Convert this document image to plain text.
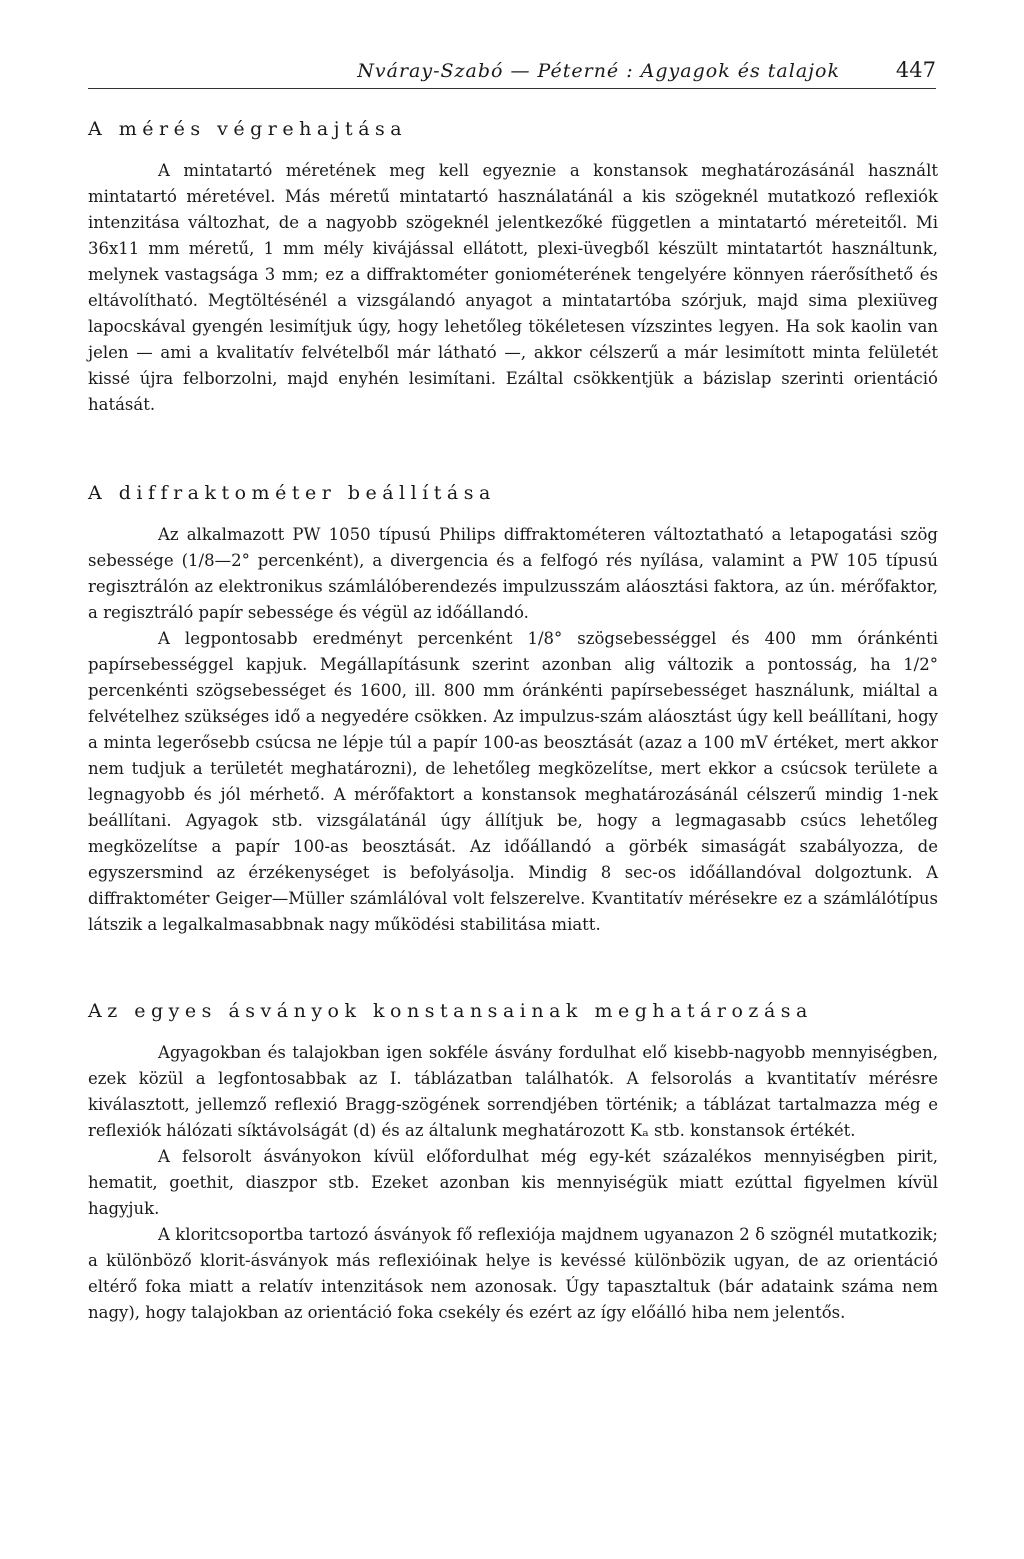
Nváray-Szabó — Péterné : Agyagok és talajok	447
A mérés végrehajtása

A mintatartó méretének meg kell egyeznie a konstansok meghatározásánál használt mintatartó méretével. Más méretű mintatartó használatánál a kis szögeknél mutatkozó reflexiók intenzitása változhat, de a nagyobb szögeknél jelentkezőké független a mintatartó méreteitől. Mi 36x11 mm méretű, 1 mm mély kivájással ellátott, plexi-üvegből készült mintatartót használtunk, melynek vastagsága 3 mm; ez a diffraktométer goniométerének tengelyére könnyen ráerősíthető és eltávolítható. Megtöltésénél a vizsgálandó anyagot a mintatartóba szórjuk, majd sima plexiüveg lapocskával gyengén lesimítjuk úgy, hogy lehetőleg tökéletesen vízszintes legyen. Ha sok kaolin van jelen — ami a kvalitatív felvételből már látható —, akkor célszerű a már lesimított minta felületét kissé újra felborzolni, majd enyhén lesimítani. Ezáltal csökkentjük a bázislap szerinti orientáció hatását.

A diffraktométer beállítása

Az alkalmazott PW 1050 típusú Philips diffraktométeren változtatható a letapogatási szög sebessége (1/8—2° percenként), a divergencia és a felfogó rés nyílása, valamint a PW 105 típusú regisztrálón az elektronikus számlálóberendezés impulzusszám aláosztási faktora, az ún. mérőfaktor, a regisztráló papír sebessége és végül az időállandó.

A legpontosabb eredményt percenként 1/8° szögsebességgel és 400 mm óránkénti papírsebességgel kapjuk. Megállapításunk szerint azonban alig változik a pontosság, ha 1/2° percenkénti szögsebességet és 1600, ill. 800 mm óránkénti papírsebességet használunk, miáltal a felvételhez szükséges idő a negyedére csökken. Az impulzus-szám aláosztást úgy kell beállítani, hogy a minta legerősebb csúcsa ne lépje túl a papír 100-as beosztását (azaz a 100 mV értéket, mert akkor nem tudjuk a területét meghatározni), de lehetőleg megközelítse, mert ekkor a csúcsok területe a legnagyobb és jól mérhető. A mérőfaktort a konstansok meghatározásánál célszerű mindig 1-nek beállítani. Agyagok stb. vizsgálatánál úgy állítjuk be, hogy a legmagasabb csúcs lehetőleg megközelítse a papír 100-as beosztását. Az időállandó a görbék simaságát szabályozza, de egyszersmind az érzékenységet is befolyásolja. Mindig 8 sec-os időállandóval dolgoztunk. A diffraktométer Geiger—Müller számlálóval volt felszerelve. Kvantitatív mérésekre ez a számlálótípus látszik a legalkalmasabbnak nagy működési stabilitása miatt.

Az egyes ásványok konstansainak meghatározása

Agyagokban és talajokban igen sokféle ásvány fordulhat elő kisebb-nagyobb mennyiségben, ezek közül a legfontosabbak az I. táblázatban találhatók. A felsorolás a kvantitatív mérésre kiválasztott, jellemző reflexió Bragg-szögének sorrendjében történik; a táblázat tartalmazza még e reflexiók hálózati síktávolságát (d) és az általunk meghatározott Kₐ stb. konstansok értékét.

A felsorolt ásványokon kívül előfordulhat még egy-két százalékos mennyiségben pirit, hematit, goethit, diaszpor stb. Ezeket azonban kis mennyiségük miatt ezúttal figyelmen kívül hagyjuk.

A kloritcsoportba tartozó ásványok fő reflexiója majdnem ugyanazon 2 δ szögnél mutatkozik; a különböző klorit-ásványok más reflexióinak helye is kevéssé különbözik ugyan, de az orientáció eltérő foka miatt a relatív intenzitások nem azonosak. Úgy tapasztaltuk (bár adataink száma nem nagy), hogy talajokban az orientáció foka csekély és ezért az így előálló hiba nem jelentős.
